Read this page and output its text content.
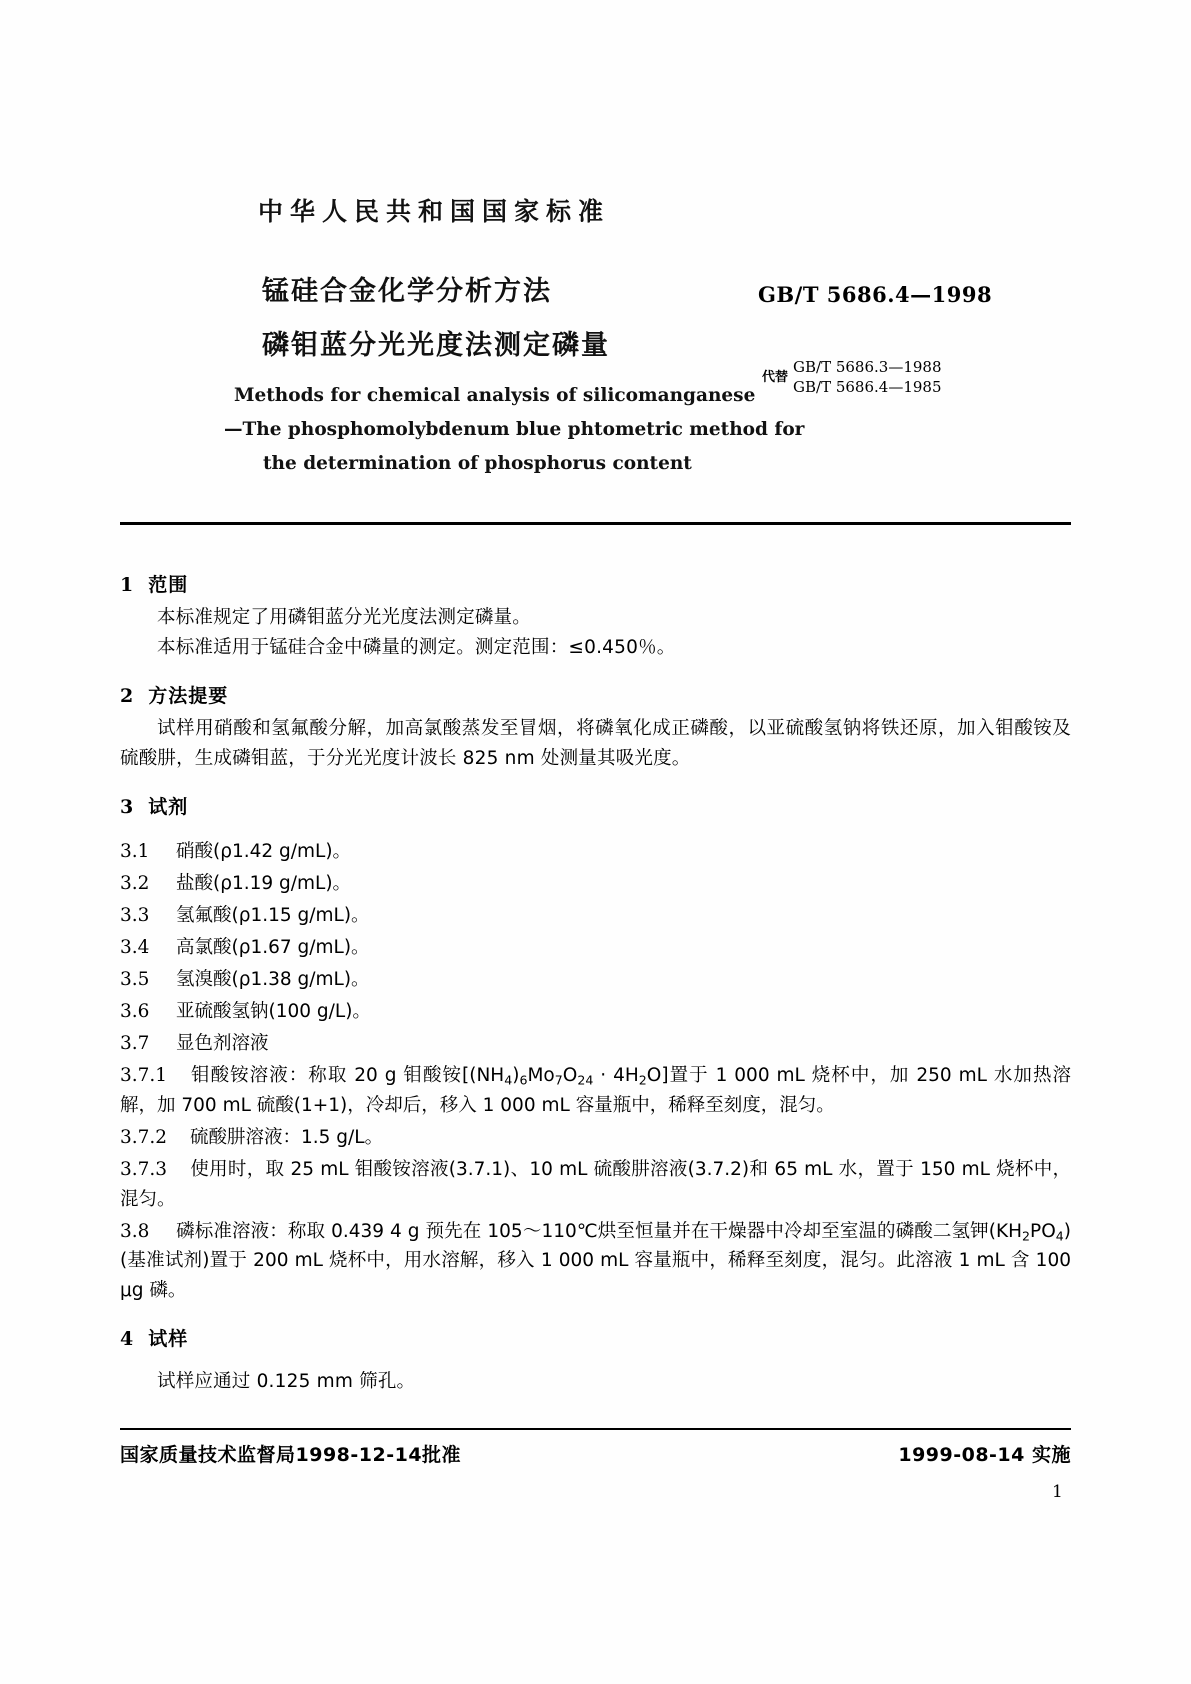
中华人民共和国国家标准
锰硅合金化学分析方法
磷钼蓝分光光度法测定磷量
GB/T 5686.4—1998
代替
GB/T 5686.3—1988
GB/T 5686.4—1985
Methods for chemical analysis of silicomanganese
—The phosphomolybdenum blue phtometric method for
the determination of phosphorus content
1 范围

本标准规定了用磷钼蓝分光光度法测定磷量。

本标准适用于锰硅合金中磷量的测定。测定范围：≤0.450％。

2 方法提要

试样用硝酸和氢氟酸分解，加高氯酸蒸发至冒烟，将磷氧化成正磷酸，以亚硫酸氢钠将铁还原，加入钼酸铵及硫酸肼，生成磷钼蓝，于分光光度计波长 825 nm 处测量其吸光度。

3 试剂
3.1 硝酸(ρ1.42 g/mL)。
3.2 盐酸(ρ1.19 g/mL)。
3.3 氢氟酸(ρ1.15 g/mL)。
3.4 高氯酸(ρ1.67 g/mL)。
3.5 氢溴酸(ρ1.38 g/mL)。
3.6 亚硫酸氢钠(100 g/L)。
3.7 显色剂溶液
3.7.1 钼酸铵溶液：称取 20 g 钼酸铵$[(NH_4)_6Mo_7O_{24} \cdot 4H_2O]$置于 1 000 mL 烧杯中，加 250 mL 水加热溶解，加 700 mL 硫酸(1+1)，冷却后，移入 1 000 mL 容量瓶中，稀释至刻度，混匀。
3.7.2 硫酸肼溶液：1.5 g/L。
3.7.3 使用时，取 25 mL 钼酸铵溶液(3.7.1)、10 mL 硫酸肼溶液(3.7.2)和 65 mL 水，置于 150 mL 烧杯中，混匀。
3.8 磷标准溶液：称取 0.439 4 g 预先在 105～110℃烘至恒量并在干燥器中冷却至室温的磷酸二氢钾$(KH_2PO_4)$(基准试剂)置于 200 mL 烧杯中，用水溶解，移入 1 000 mL 容量瓶中，稀释至刻度，混匀。此溶液 1 mL 含 100 μg 磷。
4 试样

试样应通过 0.125 mm 筛孔。

国家质量技术监督局1998-12-14批准	1999-08-14 实施
1
